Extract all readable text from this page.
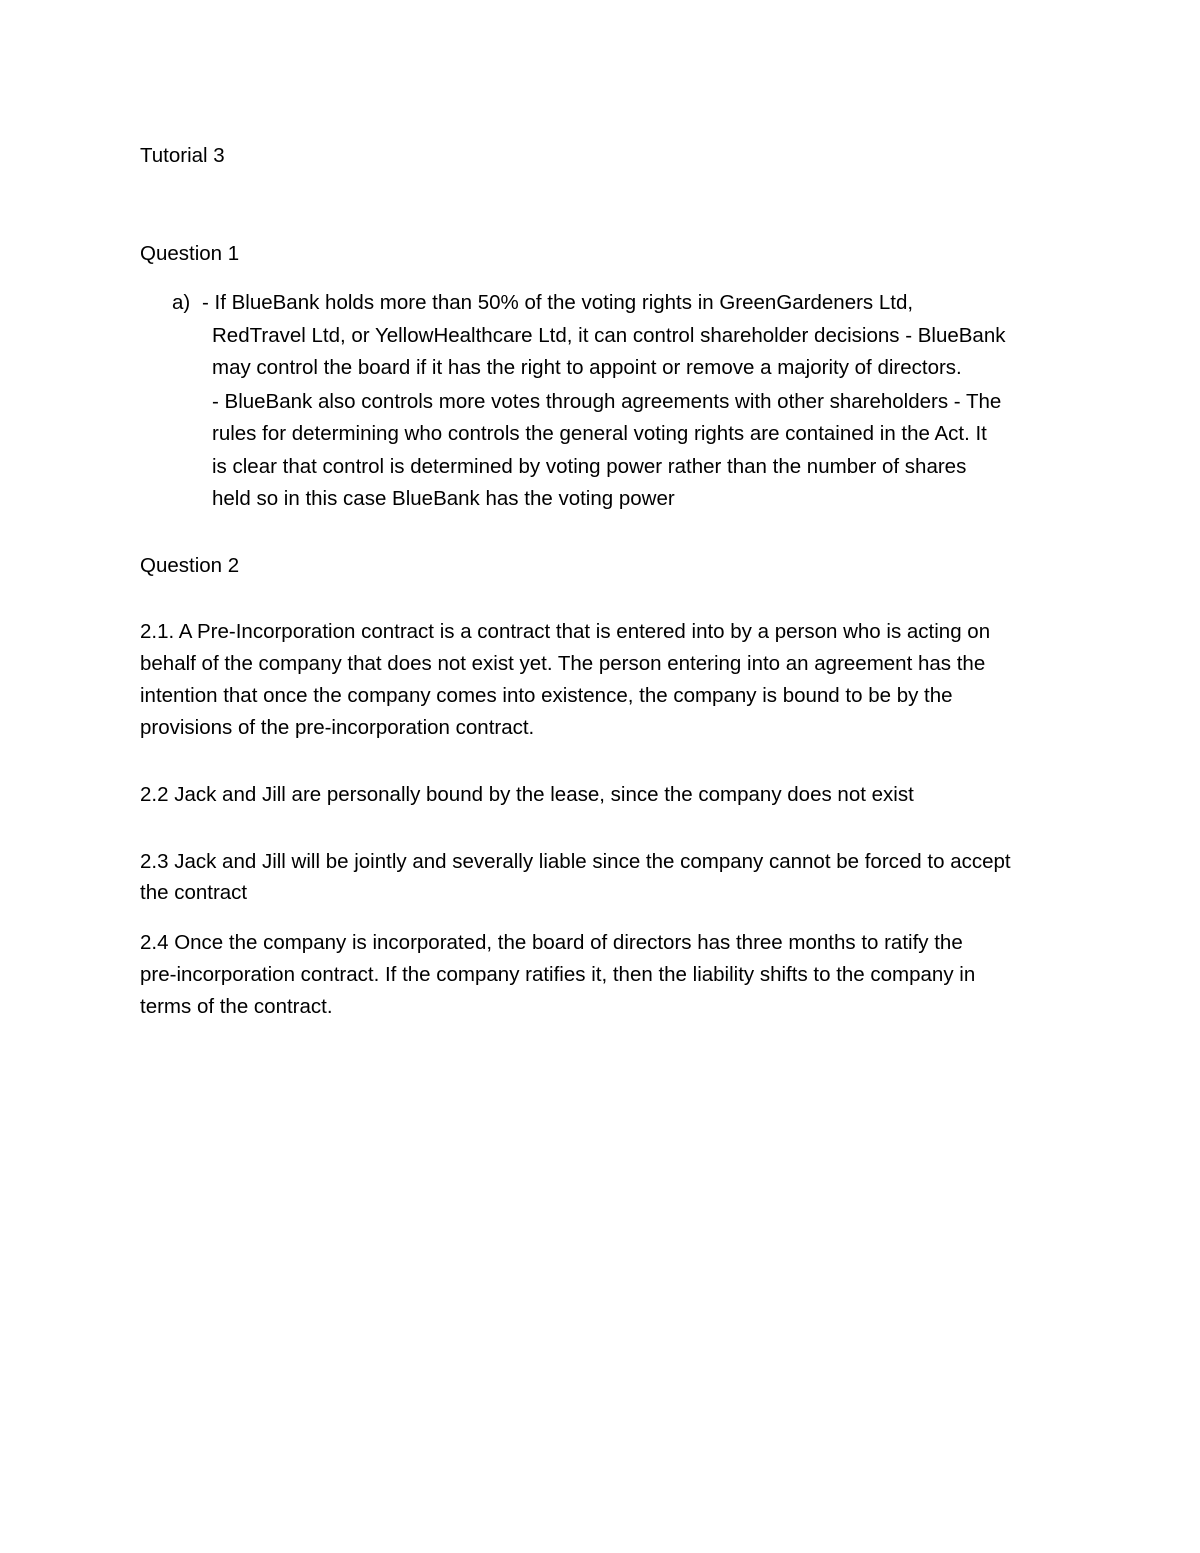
Tutorial 3
Question 1
a) - If BlueBank holds more than 50% of the voting rights in GreenGardeners Ltd,
RedTravel Ltd, or YellowHealthcare Ltd, it can control shareholder decisions - BlueBank
may control the board if it has the right to appoint or remove a majority of directors.
- BlueBank also controls more votes through agreements with other shareholders - The
rules for determining who controls the general voting rights are contained in the Act. It
is clear that control is determined by voting power rather than the number of shares
held so in this case BlueBank has the voting power
Question 2
2.1. A Pre-Incorporation contract is a contract that is entered into by a person who is acting on
behalf of the company that does not exist yet. The person entering into an agreement has the
intention that once the company comes into existence, the company is bound to be by the
provisions of the pre-incorporation contract.
2.2 Jack and Jill are personally bound by the lease, since the company does not exist
2.3 Jack and Jill will be jointly and severally liable since the company cannot be forced to accept
the contract
2.4 Once the company is incorporated, the board of directors has three months to ratify the
pre-incorporation contract. If the company ratifies it, then the liability shifts to the company in
terms of the contract.
